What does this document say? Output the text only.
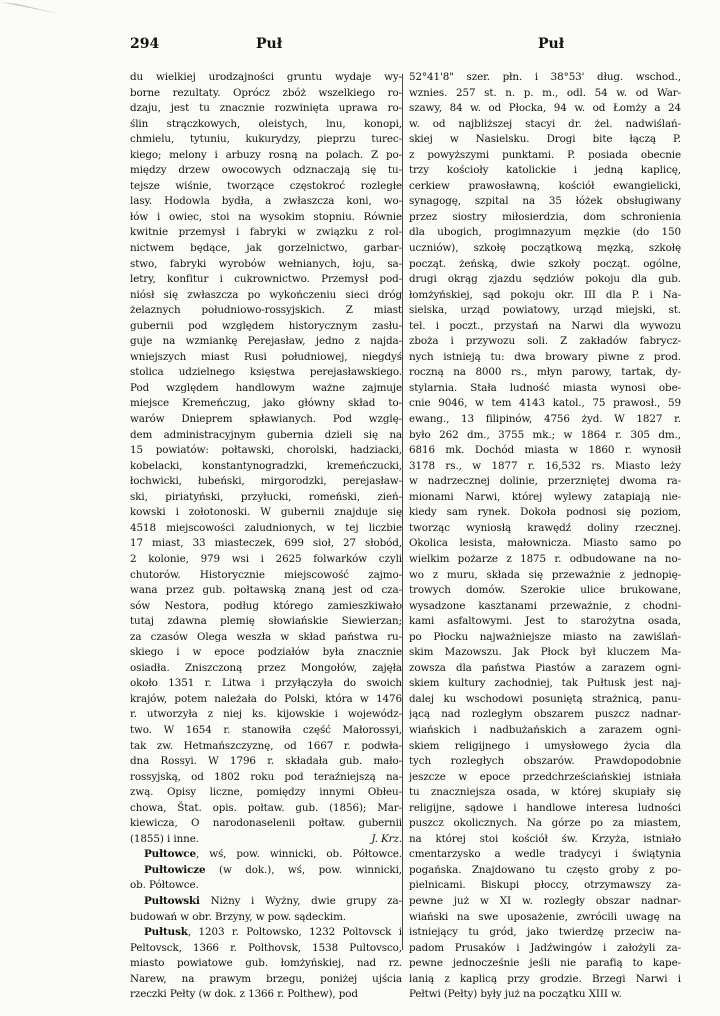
294	Puł	Puł
du wielkiej urodzajności gruntu wydaje wy-
borne rezultaty. Oprócz zbóż wszelkiego ro-
dzaju, jest tu znacznie rozwinięta uprawa ro-
ślin strączkowych, oleistych, lnu, konopi,
chmielu, tytuniu, kukurydzy, pieprzu turec-
kiego; melony i arbuzy rosną na polach. Z po-
między drzew owocowych odznaczają się tu-
tejsze wiśnie, tworzące częstokroć rozległe
lasy. Hodowla bydła, a zwłaszcza koni, wo-
łów i owiec, stoi na wysokim stopniu. Równie
kwitnie przemysł i fabryki w związku z rol-
nictwem będące, jak gorzelnictwo, garbar-
stwo, fabryki wyrobów wełnianych, łoju, sa-
letry, konfitur i cukrownictwo. Przemysł pod-
niósł się zwłaszcza po wykończeniu sieci dróg
żelaznych południowo-rossyjskich. Z miast
gubernii pod względem historycznym zasłu-
guje na wzmiankę Perejasław, jedno z najda-
wniejszych miast Rusi południowej, niegdyś
stolica udzielnego księstwa perejasławskiego.
Pod względem handlowym ważne zajmuje
miejsce Kremeńczug, jako główny skład to-
warów Dnieprem spławianych. Pod wzglę-
dem administracyjnym gubernia dzieli się na
15 powiatów: połtawski, chorolski, hadziacki,
kobelacki, konstantynogradzki, kremeńczucki,
łochwicki, łubeński, mirgorodzki, perejasław-
ski, piriatyński, przyłucki, romeński, zień-
kowski i zołotonoski. W gubernii znajduje się
4518 miejscowości zaludnionych, w tej liczbie
17 miast, 33 miasteczek, 699 sioł, 27 słobód,
2 kolonie, 979 wsi i 2625 folwarków czyli
chutorów. Historycznie miejscowość zajmo-
wana przez gub. połtawską znaną jest od cza-
sów Nestora, podług którego zamieszkiwało
tutaj zdawna plemię słowiańskie Siewierzan;
za czasów Olega weszła w skład państwa ru-
skiego i w epoce podziałów była znacznie
osiadła. Zniszczoną przez Mongołów, zajęła
około 1351 r. Litwa i przyłączyła do swoich
krajów, potem należała do Polski, która w 1476
r. utworzyła z niej ks. kijowskie i wojewódz-
two. W 1654 r. stanowiła część Małorossyi,
tak zw. Hetmańszczyznę, od 1667 r. podwła-
dna Rossyi. W 1796 r. składała gub. mało-
rossyjską, od 1802 roku pod teraźniejszą na-
zwą. Opisy liczne, pomiędzy innymi Obłeu-
chowa, Štat. opis. połtaw. gub. (1856); Mar-
kiewicza, O narodonaselenii połtaw. gubernii
(1855) i inne.	J. Krz.
Pułtowce, wś, pow. winnicki, ob. Półtowce.
Pułtowicze (w dok.), wś, pow. winnicki,
ob. Półtowce.
Pułtowski Niżny i Wyżny, dwie grupy za-
budowań w obr. Brzyny, w pow. sądeckim.
Pułtusk, 1203 r. Poltowsko, 1232 Poltovsck i
Peltovsck, 1366 r. Polthovsk, 1538 Pultovsco,
miasto powiatowe gub. łomżyńskiej, nad rz.
Narew, na prawym brzegu, poniżej ujścia
rzeczki Pełty (w dok. z 1366 r. Polthew), pod
52°41'8" szer. płn. i 38°53' dług. wschod.,
wznies. 257 st. n. p. m., odl. 54 w. od War-
szawy, 84 w. od Płocka, 94 w. od Łomży a 24
w. od najbliższej stacyi dr. żel. nadwiślań-
skiej w Nasielsku. Drogi bite łączą P.
z powyższymi punktami. P. posiada obecnie
trzy kościoły katolickie i jedną kaplicę,
cerkiew prawosławną, kościół ewangielicki,
synagogę, szpital na 35 łóżek obsługiwany
przez siostry miłosierdzia, dom schronienia
dla ubogich, progimnazyum męzkie (do 150
uczniów), szkołę początkową męzką, szkołę
począt. żeńską, dwie szkoły począt. ogólne,
drugi okrąg zjazdu sędziów pokoju dla gub.
łomżyńskiej, sąd pokoju okr. III dla P. i Na-
sielska, urząd powiatowy, urząd miejski, st.
tel. i poczt., przystań na Narwi dla wywozu
zboża i przywozu soli. Z zakładów fabrycz-
nych istnieją tu: dwa browary piwne z prod.
roczną na 8000 rs., młyn parowy, tartak, dy-
stylarnia. Stała ludność miasta wynosi obe-
cnie 9046, w tem 4143 katol., 75 prawosł., 59
ewang., 13 filipinów, 4756 żyd. W 1827 r.
było 262 dm., 3755 mk.; w 1864 r. 305 dm.,
6816 mk. Dochód miasta w 1860 r. wynosił
3178 rs., w 1877 r. 16,532 rs. Miasto leży
w nadrzecznej dolinie, przerzniętej dwoma ra-
mionami Narwi, której wylewy zatapiają nie-
kiedy sam rynek. Dokoła podnosi się poziom,
tworząc wyniosłą krawędź doliny rzecznej.
Okolica lesista, małownicza. Miasto samo po
wielkim pożarze z 1875 r. odbudowane na no-
wo z muru, składa się przeważnie z jednopię-
trowych domów. Szerokie ulice brukowane,
wysadzone kasztanami przeważnie, z chodni-
kami asfaltowymi. Jest to starożytna osada,
po Płocku najważniejsze miasto na zawiślań-
skim Mazowszu. Jak Płock był kluczem Ma-
zowsza dla państwa Piastów a zarazem ogni-
skiem kultury zachodniej, tak Pułtusk jest naj-
dalej ku wschodowi posuniętą strażnicą, panu-
jącą nad rozległym obszarem puszcz nadnar-
wiańskich i nadbużańskich a zarazem ogni-
skiem religijnego i umysłowego życia dla
tych rozległych obszarów. Prawdopodobnie
jeszcze w epoce przedchrześciańskiej istniała
tu znaczniejsza osada, w której skupiały się
religijne, sądowe i handlowe interesa ludności
puszcz okolicznych. Na górze po za miastem,
na której stoi kościół św. Krzyża, istniało
cmentarzysko a wedle tradycyi i świątynia
pogańska. Znajdowano tu często groby z po-
pielnicami. Biskupi płoccy, otrzymawszy za-
pewne już w XI w. rozległy obszar nadnar-
wiański na swe uposażenie, zwrócili uwagę na
istniejący tu gród, jako twierdzę przeciw na-
padom Prusaków i Jadźwingów i założyli za-
pewne jednocześnie jeśli nie parafią to kape-
lanią z kaplicą przy grodzie. Brzegi Narwi i
Pełtwi (Pełty) były już na początku XIII w.
